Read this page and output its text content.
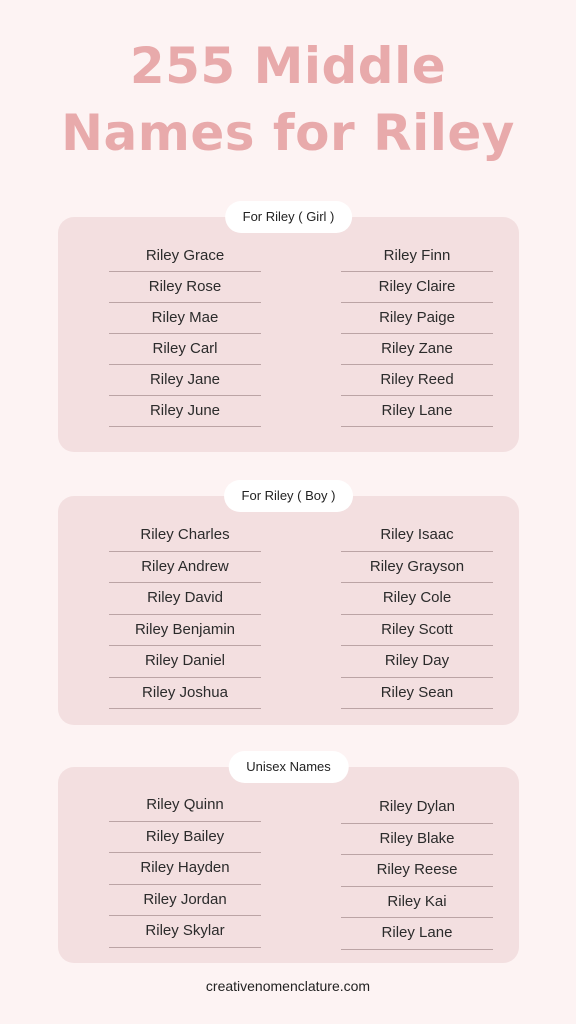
255 Middle
Names for Riley
For Riley ( Girl )
Riley Grace
Riley Rose
Riley Mae
Riley Carl
Riley Jane
Riley June
Riley Finn
Riley Claire
Riley Paige
Riley Zane
Riley Reed
Riley Lane
For Riley ( Boy )
Riley Charles
Riley Andrew
Riley David
Riley Benjamin
Riley Daniel
Riley Joshua
Riley Isaac
Riley Grayson
Riley Cole
Riley Scott
Riley Day
Riley Sean
Unisex Names
Riley Quinn
Riley Bailey
Riley Hayden
Riley Jordan
Riley Skylar
Riley Dylan
Riley Blake
Riley Reese
Riley Kai
Riley Lane
creativenomenclature.com
